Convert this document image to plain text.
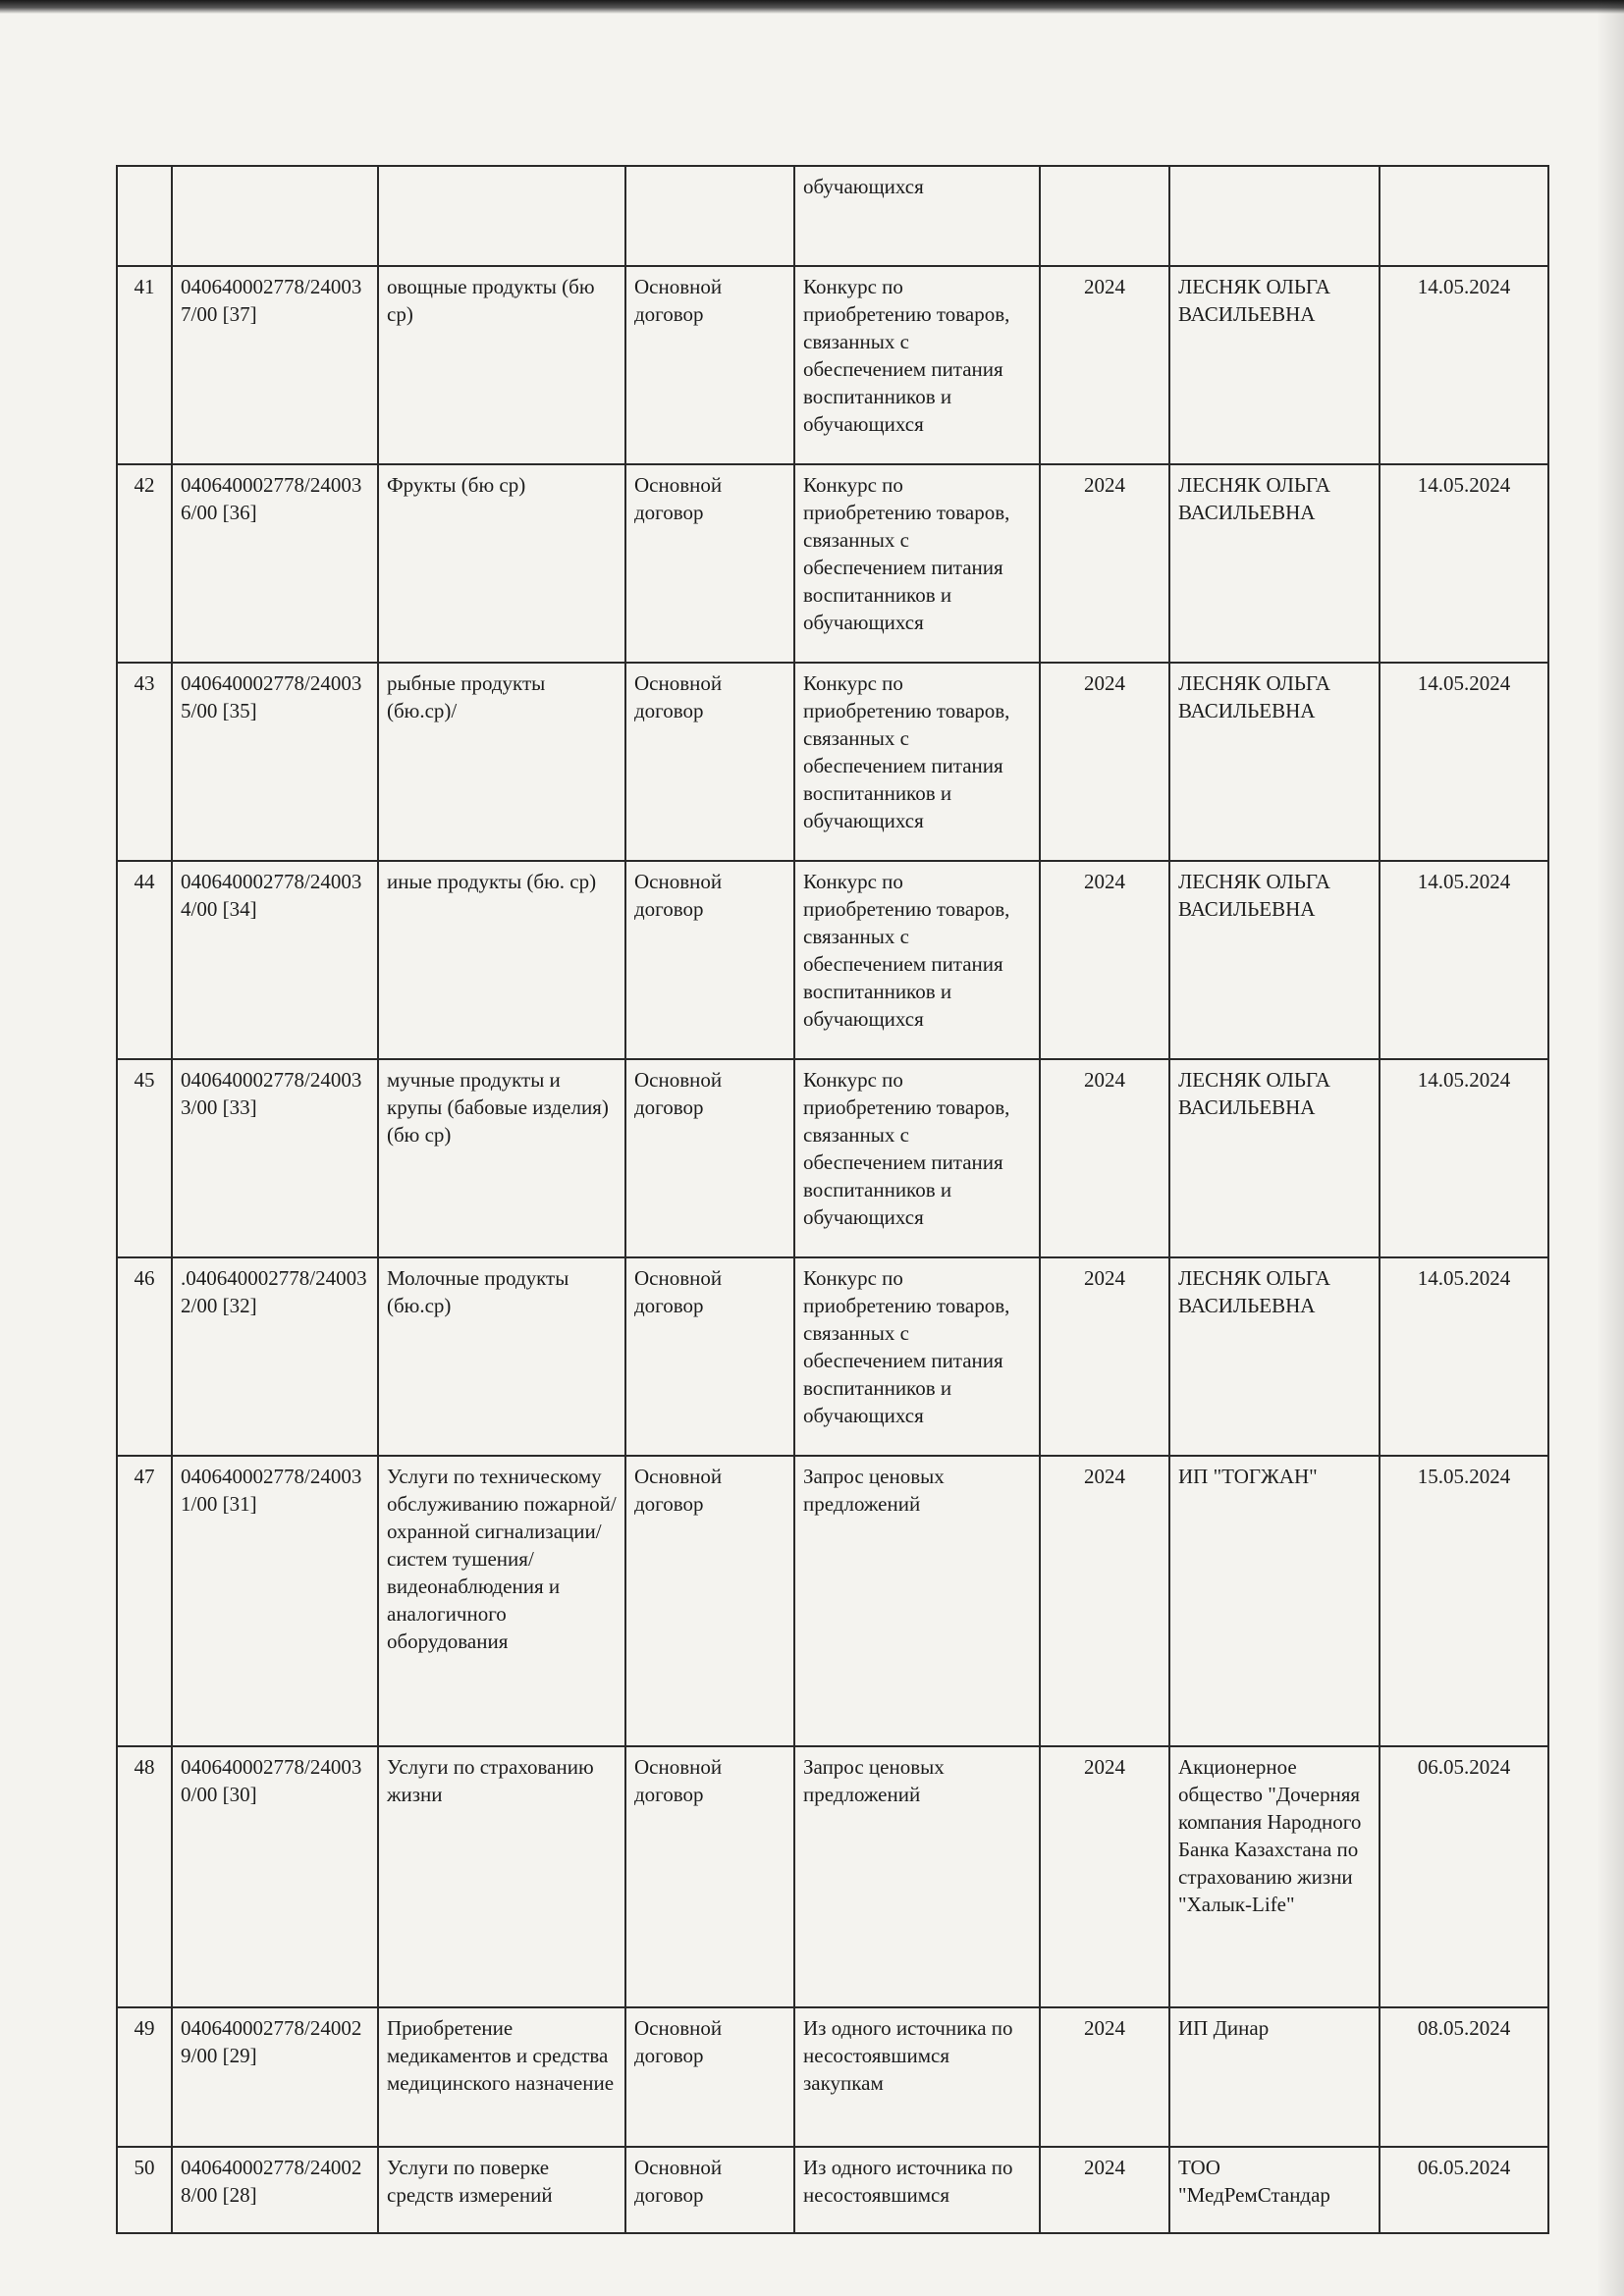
				обучающихся			
41	040640002778/240037/00 [37]	овощные продукты (бю ср)	Основной договор	Конкурс по приобретению товаров, связанных с обеспечением питания воспитанников и обучающихся	2024	ЛЕСНЯК ОЛЬГА ВАСИЛЬЕВНА	14.05.2024
42	040640002778/240036/00 [36]	Фрукты (бю ср)	Основной договор	Конкурс по приобретению товаров, связанных с обеспечением питания воспитанников и обучающихся	2024	ЛЕСНЯК ОЛЬГА ВАСИЛЬЕВНА	14.05.2024
43	040640002778/240035/00 [35]	рыбные продукты (бю.ср)/	Основной договор	Конкурс по приобретению товаров, связанных с обеспечением питания воспитанников и обучающихся	2024	ЛЕСНЯК ОЛЬГА ВАСИЛЬЕВНА	14.05.2024
44	040640002778/240034/00 [34]	иные продукты (бю. ср)	Основной договор	Конкурс по приобретению товаров, связанных с обеспечением питания воспитанников и обучающихся	2024	ЛЕСНЯК ОЛЬГА ВАСИЛЬЕВНА	14.05.2024
45	040640002778/240033/00 [33]	мучные продукты и крупы (бабовые изделия) (бю ср)	Основной договор	Конкурс по приобретению товаров, связанных с обеспечением питания воспитанников и обучающихся	2024	ЛЕСНЯК ОЛЬГА ВАСИЛЬЕВНА	14.05.2024
46	.040640002778/240032/00 [32]	Молочные продукты (бю.ср)	Основной договор	Конкурс по приобретению товаров, связанных с обеспечением питания воспитанников и обучающихся	2024	ЛЕСНЯК ОЛЬГА ВАСИЛЬЕВНА	14.05.2024
47	040640002778/240031/00 [31]	Услуги по техническому обслуживанию пожарной/охранной сигнализации/систем тушения/видеонаблюдения и аналогичного оборудования	Основной договор	Запрос ценовых предложений	2024	ИП "ТОГЖАН"	15.05.2024
48	040640002778/240030/00 [30]	Услуги по страхованию жизни	Основной договор	Запрос ценовых предложений	2024	Акционерное общество "Дочерняя компания Народного Банка Казахстана по страхованию жизни "Халык-Life"	06.05.2024
49	040640002778/240029/00 [29]	Приобретение медикаментов и средства медицинского назначение	Основной договор	Из одного источника по несостоявшимся закупкам	2024	ИП Динар	08.05.2024
50	040640002778/240028/00 [28]	Услуги по поверке средств измерений	Основной договор	Из одного источника по несостоявшимся	2024	ТОО "МедРемСтандар	06.05.2024
